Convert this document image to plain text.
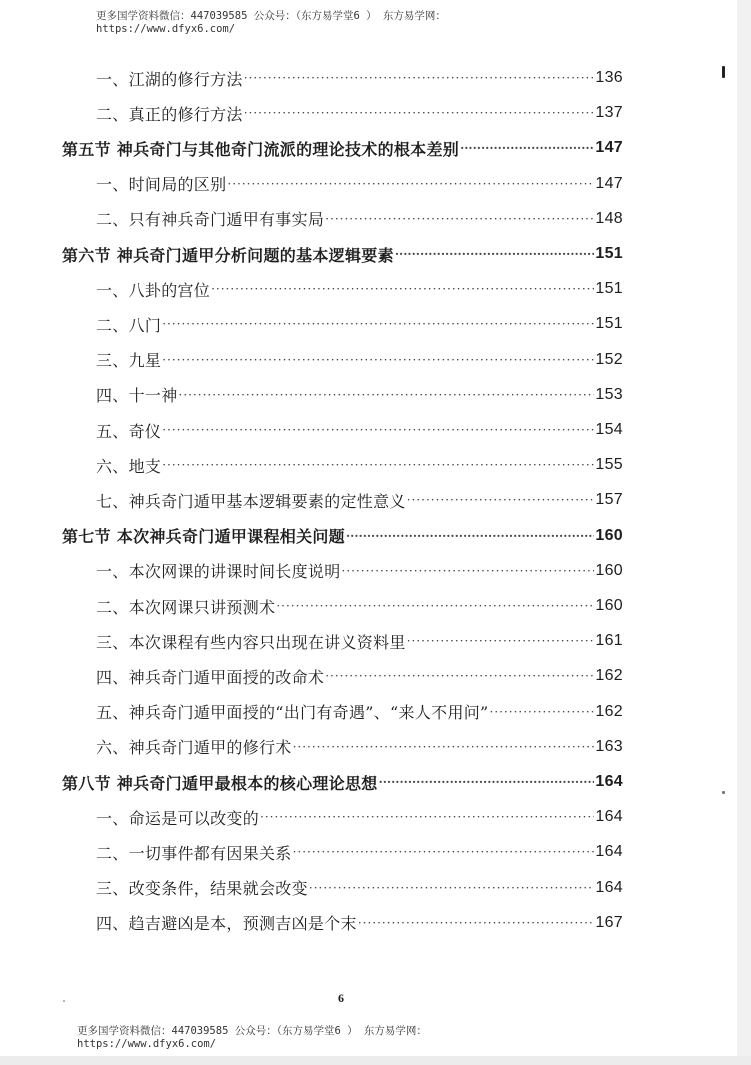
更多国学资料微信：447039585 公众号：（东方易学堂6 ） 东方易学网：
https://www.dfyx6.com/
一、江湖的修行方法 ·····	136
二、真正的修行方法 ·····	137
第五节 神兵奇门与其他奇门流派的理论技术的根本差别 ·····	147
一、时间局的区别 ·····	147
二、只有神兵奇门遁甲有事实局 ·····	148
第六节 神兵奇门遁甲分析问题的基本逻辑要素 ·····	151
一、八卦的宫位 ·····	151
二、八门 ·····	151
三、九星 ·····	152
四、十一神 ·····	153
五、奇仪 ·····	154
六、地支 ·····	155
七、神兵奇门遁甲基本逻辑要素的定性意义 ·····	157
第七节 本次神兵奇门遁甲课程相关问题 ·····	160
一、本次网课的讲课时间长度说明 ·····	160
二、本次网课只讲预测术 ·····	160
三、本次课程有些内容只出现在讲义资料里 ·····	161
四、神兵奇门遁甲面授的改命术 ·····	162
五、神兵奇门遁甲面授的“出门有奇遇”、“来人不用问” ·····	162
六、神兵奇门遁甲的修行术 ·····	163
第八节 神兵奇门遁甲最根本的核心理论思想 ·····	164
一、命运是可以改变的 ·····	164
二、一切事件都有因果关系 ·····	164
三、改变条件，结果就会改变 ·····	164
四、趋吉避凶是本，预测吉凶是个末 ·····	167
6
更多国学资料微信：447039585 公众号：（东方易学堂6 ） 东方易学网：
https://www.dfyx6.com/
